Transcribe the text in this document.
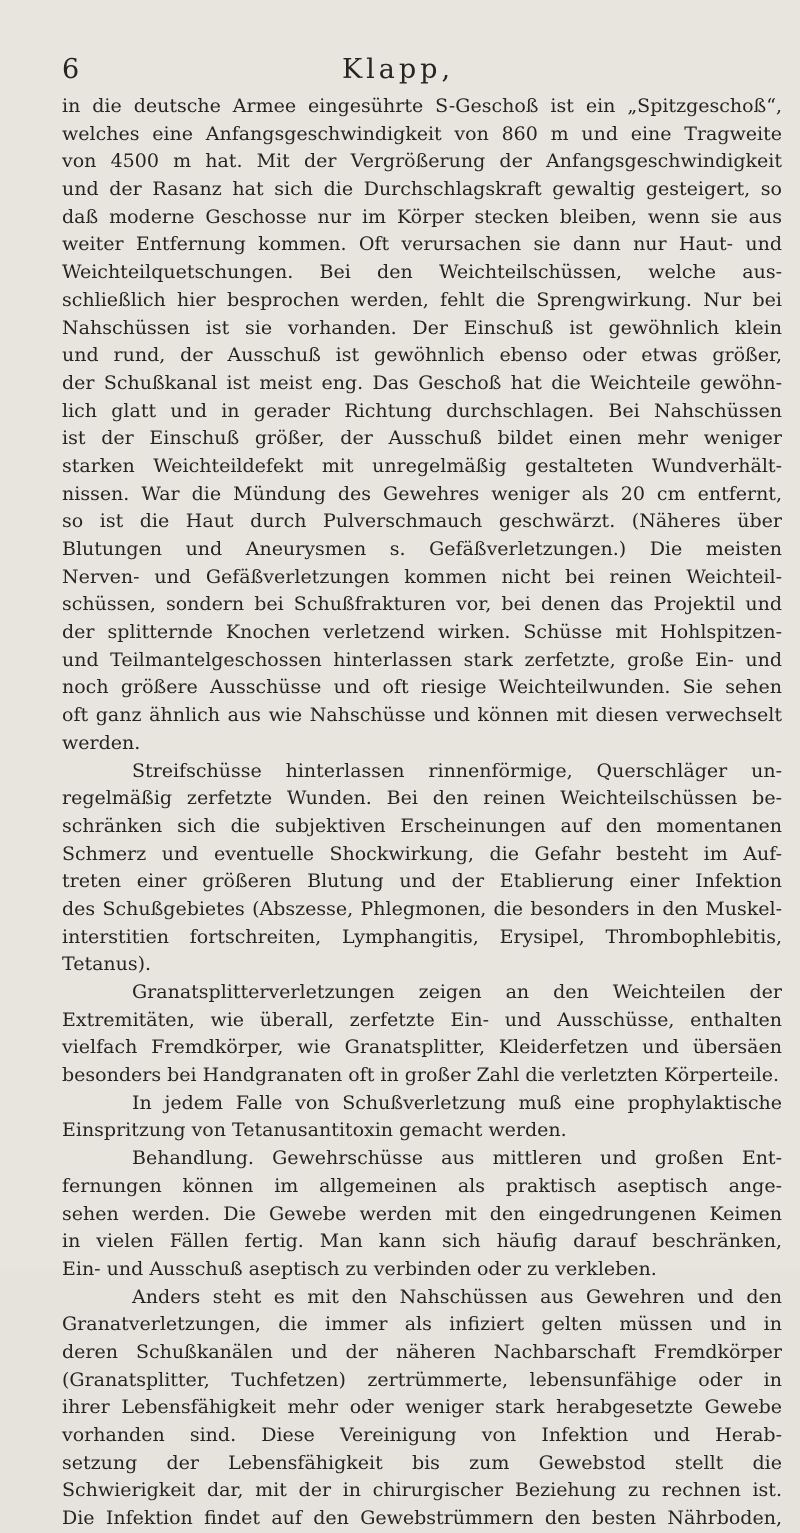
6	Klapp,
in die deutsche Armee eingesührte S-Geschoß ist ein „Spitzgeschoß“,
welches eine Anfangsgeschwindigkeit von 860 m und eine Tragweite
von 4500 m hat. Mit der Vergrößerung der Anfangsgeschwindigkeit
und der Rasanz hat sich die Durchschlagskraft gewaltig gesteigert, so
daß moderne Geschosse nur im Körper stecken bleiben, wenn sie aus
weiter Entfernung kommen. Oft verursachen sie dann nur Haut- und
Weichteilquetschungen. Bei den Weichteilschüssen, welche aus-
schließlich hier besprochen werden, fehlt die Sprengwirkung. Nur bei
Nahschüssen ist sie vorhanden. Der Einschuß ist gewöhnlich klein
und rund, der Ausschuß ist gewöhnlich ebenso oder etwas größer,
der Schußkanal ist meist eng. Das Geschoß hat die Weichteile gewöhn-
lich glatt und in gerader Richtung durchschlagen. Bei Nahschüssen
ist der Einschuß größer, der Ausschuß bildet einen mehr weniger
starken Weichteildefekt mit unregelmäßig gestalteten Wundverhält-
nissen. War die Mündung des Gewehres weniger als 20 cm entfernt,
so ist die Haut durch Pulverschmauch geschwärzt. (Näheres über
Blutungen und Aneurysmen s. Gefäßverletzungen.) Die meisten
Nerven- und Gefäßverletzungen kommen nicht bei reinen Weichteil-
schüssen, sondern bei Schußfrakturen vor, bei denen das Projektil und
der splitternde Knochen verletzend wirken. Schüsse mit Hohlspitzen-
und Teilmantelgeschossen hinterlassen stark zerfetzte, große Ein- und
noch größere Ausschüsse und oft riesige Weichteilwunden. Sie sehen
oft ganz ähnlich aus wie Nahschüsse und können mit diesen verwechselt
werden.
Streifschüsse hinterlassen rinnenförmige, Querschläger un-
regelmäßig zerfetzte Wunden. Bei den reinen Weichteilschüssen be-
schränken sich die subjektiven Erscheinungen auf den momentanen
Schmerz und eventuelle Shockwirkung, die Gefahr besteht im Auf-
treten einer größeren Blutung und der Etablierung einer Infektion
des Schußgebietes (Abszesse, Phlegmonen, die besonders in den Muskel-
interstitien fortschreiten, Lymphangitis, Erysipel, Thrombophlebitis,
Tetanus).
Granatsplitterverletzungen zeigen an den Weichteilen der
Extremitäten, wie überall, zerfetzte Ein- und Ausschüsse, enthalten
vielfach Fremdkörper, wie Granatsplitter, Kleiderfetzen und übersäen
besonders bei Handgranaten oft in großer Zahl die verletzten Körperteile.
In jedem Falle von Schußverletzung muß eine prophylaktische
Einspritzung von Tetanusantitoxin gemacht werden.
Behandlung. Gewehrschüsse aus mittleren und großen Ent-
fernungen können im allgemeinen als praktisch aseptisch ange-
sehen werden. Die Gewebe werden mit den eingedrungenen Keimen
in vielen Fällen fertig. Man kann sich häufig darauf beschränken,
Ein- und Ausschuß aseptisch zu verbinden oder zu verkleben.
Anders steht es mit den Nahschüssen aus Gewehren und den
Granatverletzungen, die immer als infiziert gelten müssen und in
deren Schußkanälen und der näheren Nachbarschaft Fremdkörper
(Granatsplitter, Tuchfetzen) zertrümmerte, lebensunfähige oder in
ihrer Lebensfähigkeit mehr oder weniger stark herabgesetzte Gewebe
vorhanden sind. Diese Vereinigung von Infektion und Herab-
setzung der Lebensfähigkeit bis zum Gewebstod stellt die
Schwierigkeit dar, mit der in chirurgischer Beziehung zu rechnen ist.
Die Infektion findet auf den Gewebstrümmern den besten Nährboden,
